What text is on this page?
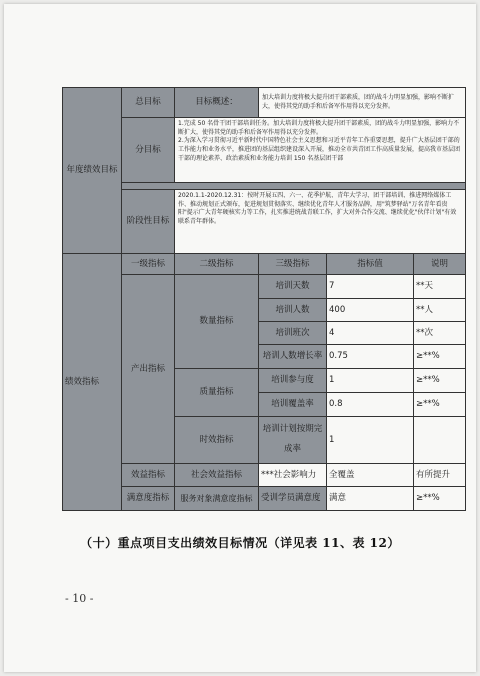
年度绩效目标	总目标	目标概述：	加大培训力度将极大提升团干部素质，团的战斗力明显加强，影响不断扩大，使得其党的助手和后备军作用得以充分发挥。		
	分目标	1.完成 50 名骨干团干部培训任务。加大培训力度将极大提升团干部素质，团的战斗力明显加强，影响力不断扩大，使得其党的助手和后备军作用得以充分发挥。
2.为深入学习贯彻习近平新时代中国特色社会主义思想和习近平青年工作重要思想，提升广大基层团干部的工作能力和业务水平，推进团的基层组织建设深入开展，推动全市共青团工作高质量发展，提高我市基层团干部的理论素养、政治素质和业务能力培训 150 名基层团干部			

	阶段性目标	2020.1.1-2020.12.31：按时开展五四、六一、花季护航、青年大学习、团干部培训、推进网络媒体工作、推动规划正式颁布，促进规划贯彻落实、继续优化青年人才服务品牌，用"筑梦驿站"万名青年看贵阳"提示广大青年硬核实力等工作，扎实推进统战青联工作，扩大对外合作交流、继续优化"伙伴计划"有效联系青年群体。			
绩效指标	一级指标	二级指标	三级指标	指标值	说明
	产出指标	数量指标	培训天数	7	**天
			培训人数	400	**人
			培训班次	4	**次
			培训人数增长率	0.75	≥**%
		质量指标	培训参与度	1	≥**%
			培训覆盖率	0.8	≥**%
		时效指标	培训计划按期完成率	1	

	效益指标	社会效益指标	***社会影响力	全覆盖	有所提升
	满意度指标	服务对象满意度指标	受训学员满意度	满意	≥**%
（十）重点项目支出绩效目标情况（详见表 11、表 12）
- 10 -
